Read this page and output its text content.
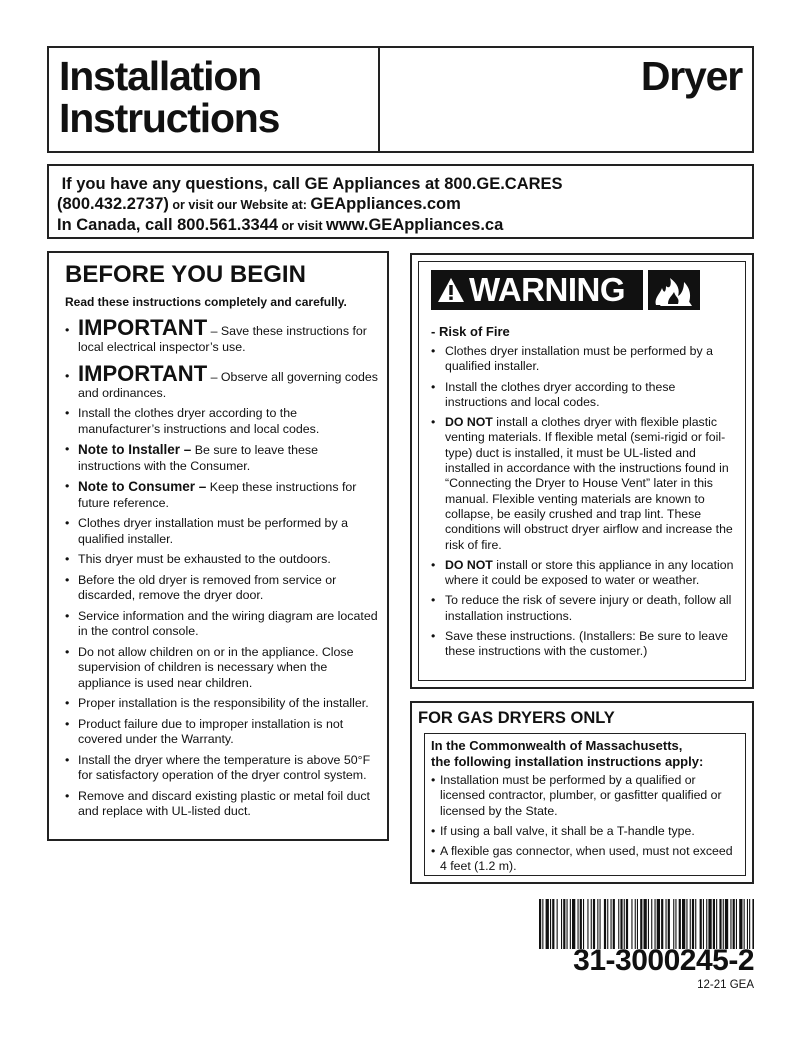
Installation
Instructions
Dryer
If you have any questions, call GE Appliances at 800.GE.CARES
(800.432.2737) or visit our Website at: GEAppliances.com
In Canada, call 800.561.3344 or visit www.GEAppliances.ca
BEFORE YOU BEGIN
Read these instructions completely and carefully.
• IMPORTANT – Save these instructions for local electrical inspector’s use.
• IMPORTANT – Observe all governing codes and ordinances.
• Install the clothes dryer according to the manufacturer’s instructions and local codes.
• Note to Installer – Be sure to leave these instructions with the Consumer.
• Note to Consumer – Keep these instructions for future reference.
• Clothes dryer installation must be performed by a qualified installer.
• This dryer must be exhausted to the outdoors.
• Before the old dryer is removed from service or discarded, remove the dryer door.
• Service information and the wiring diagram are located in the control console.
• Do not allow children on or in the appliance. Close supervision of children is necessary when the appliance is used near children.
• Proper installation is the responsibility of the installer.
• Product failure due to improper installation is not covered under the Warranty.
• Install the dryer where the temperature is above 50°F for satisfactory operation of the dryer control system.
• Remove and discard existing plastic or metal foil duct and replace with UL-listed duct.
WARNING
- Risk of Fire
• Clothes dryer installation must be performed by a qualified installer.
• Install the clothes dryer according to these instructions and local codes.
• DO NOT install a clothes dryer with flexible plastic venting materials. If flexible metal (semi-rigid or foil-type) duct is installed, it must be UL-listed and installed in accordance with the instructions found in “Connecting the Dryer to House Vent” later in this manual. Flexible venting materials are known to collapse, be easily crushed and trap lint. These conditions will obstruct dryer airflow and increase the risk of fire.
• DO NOT install or store this appliance in any location where it could be exposed to water or weather.
• To reduce the risk of severe injury or death, follow all installation instructions.
• Save these instructions. (Installers: Be sure to leave these instructions with the customer.)
FOR GAS DRYERS ONLY
In the Commonwealth of Massachusetts,
the following installation instructions apply:
• Installation must be performed by a qualified or licensed contractor, plumber, or gasfitter qualified or licensed by the State.
• If using a ball valve, it shall be a T-handle type.
• A flexible gas connector, when used, must not exceed 4 feet (1.2 m).
31-3000245-2
12-21 GEA
